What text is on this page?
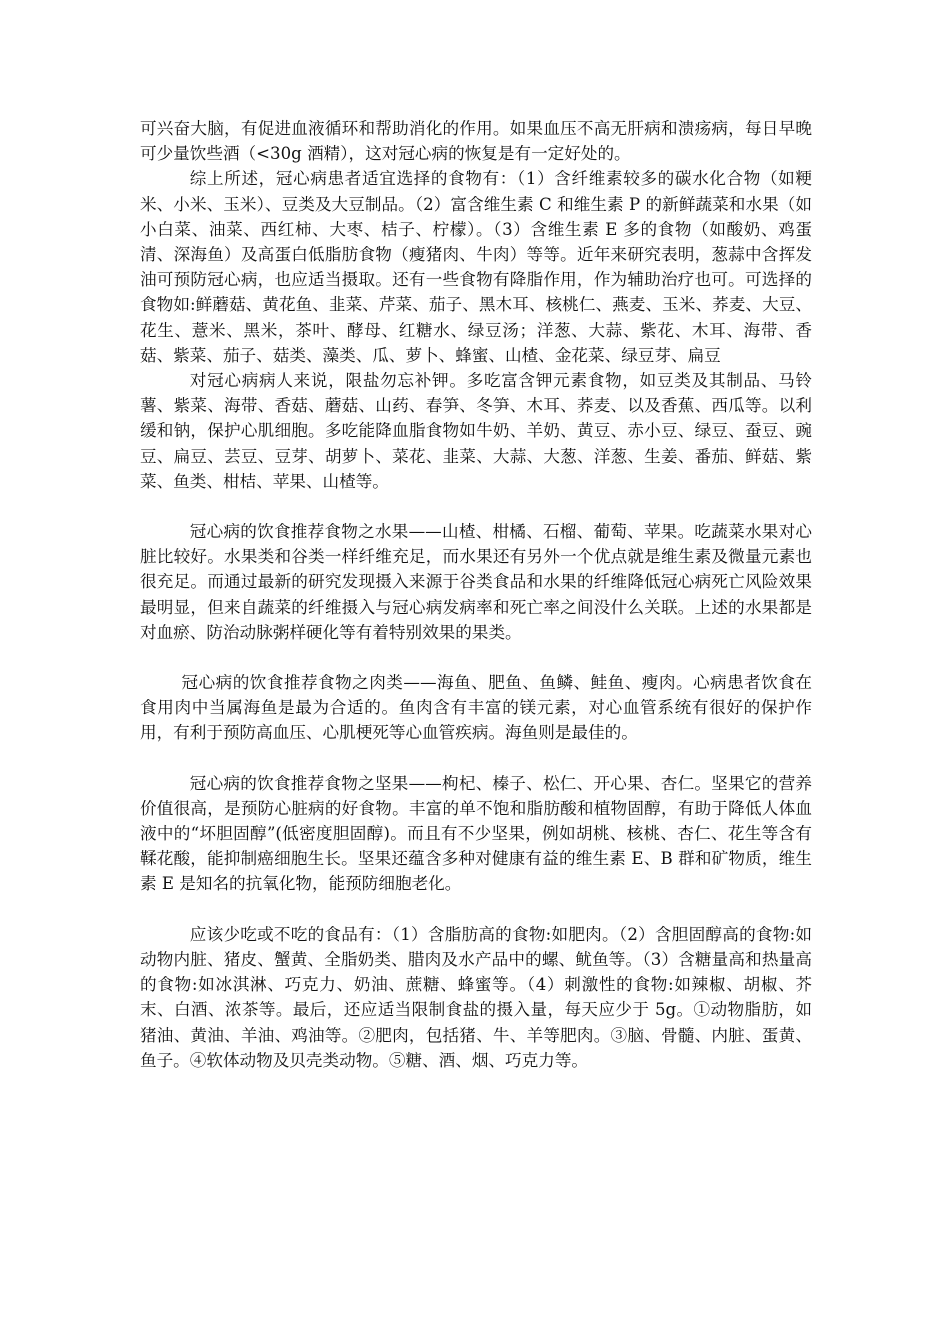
可兴奋大脑，有促进血液循环和帮助消化的作用。如果血压不高无肝病和溃疡病，每日早晚可少量饮些酒（<30g 酒精），这对冠心病的恢复是有一定好处的。

综上所述，冠心病患者适宜选择的食物有：（1）含纤维素较多的碳水化合物（如粳米、小米、玉米）、豆类及大豆制品。（2）富含维生素 C 和维生素 P 的新鲜蔬菜和水果（如小白菜、油菜、西红柿、大枣、桔子、柠檬）。（3）含维生素 E 多的食物（如酸奶、鸡蛋清、深海鱼）及高蛋白低脂肪食物（瘦猪肉、牛肉）等等。近年来研究表明，葱蒜中含挥发油可预防冠心病，也应适当摄取。还有一些食物有降脂作用，作为辅助治疗也可。可选择的食物如:鲜蘑菇、黄花鱼、韭菜、芹菜、茄子、黑木耳、核桃仁、燕麦、玉米、荞麦、大豆、花生、薏米、黑米，茶叶、酵母、红糖水、绿豆汤；洋葱、大蒜、紫花、木耳、海带、香菇、紫菜、茄子、菇类、藻类、瓜、萝卜、蜂蜜、山楂、金花菜、绿豆芽、扁豆

对冠心病病人来说，限盐勿忘补钾。多吃富含钾元素食物，如豆类及其制品、马铃薯、紫菜、海带、香菇、蘑菇、山药、春笋、冬笋、木耳、荞麦、以及香蕉、西瓜等。以利缓和钠，保护心肌细胞。多吃能降血脂食物如牛奶、羊奶、黄豆、赤小豆、绿豆、蚕豆、豌豆、扁豆、芸豆、豆芽、胡萝卜、菜花、韭菜、大蒜、大葱、洋葱、生姜、番茄、鲜菇、紫菜、鱼类、柑桔、苹果、山楂等。

冠心病的饮食推荐食物之水果——山楂、柑橘、石榴、葡萄、苹果。吃蔬菜水果对心脏比较好。水果类和谷类一样纤维充足，而水果还有另外一个优点就是维生素及微量元素也很充足。而通过最新的研究发现摄入来源于谷类食品和水果的纤维降低冠心病死亡风险效果最明显，但来自蔬菜的纤维摄入与冠心病发病率和死亡率之间没什么关联。上述的水果都是对血瘀、防治动脉粥样硬化等有着特别效果的果类。

冠心病的饮食推荐食物之肉类——海鱼、肥鱼、鱼鳞、鲑鱼、瘦肉。心病患者饮食在食用肉中当属海鱼是最为合适的。鱼肉含有丰富的镁元素，对心血管系统有很好的保护作用，有利于预防高血压、心肌梗死等心血管疾病。海鱼则是最佳的。

冠心病的饮食推荐食物之坚果——枸杞、榛子、松仁、开心果、杏仁。坚果它的营养价值很高，是预防心脏病的好食物。丰富的单不饱和脂肪酸和植物固醇，有助于降低人体血液中的“坏胆固醇”(低密度胆固醇)。而且有不少坚果，例如胡桃、核桃、杏仁、花生等含有鞣花酸，能抑制癌细胞生长。坚果还蕴含多种对健康有益的维生素 E、B 群和矿物质，维生素 E 是知名的抗氧化物，能预防细胞老化。

应该少吃或不吃的食品有：（1）含脂肪高的食物:如肥肉。（2）含胆固醇高的食物:如动物内脏、猪皮、蟹黄、全脂奶类、腊肉及水产品中的螺、鱿鱼等。（3）含糖量高和热量高的食物:如冰淇淋、巧克力、奶油、蔗糖、蜂蜜等。（4）刺激性的食物:如辣椒、胡椒、芥末、白酒、浓茶等。最后，还应适当限制食盐的摄入量，每天应少于 5g。①动物脂肪，如猪油、黄油、羊油、鸡油等。②肥肉，包括猪、牛、羊等肥肉。③脑、骨髓、内脏、蛋黄、鱼子。④软体动物及贝壳类动物。⑤糖、酒、烟、巧克力等。
